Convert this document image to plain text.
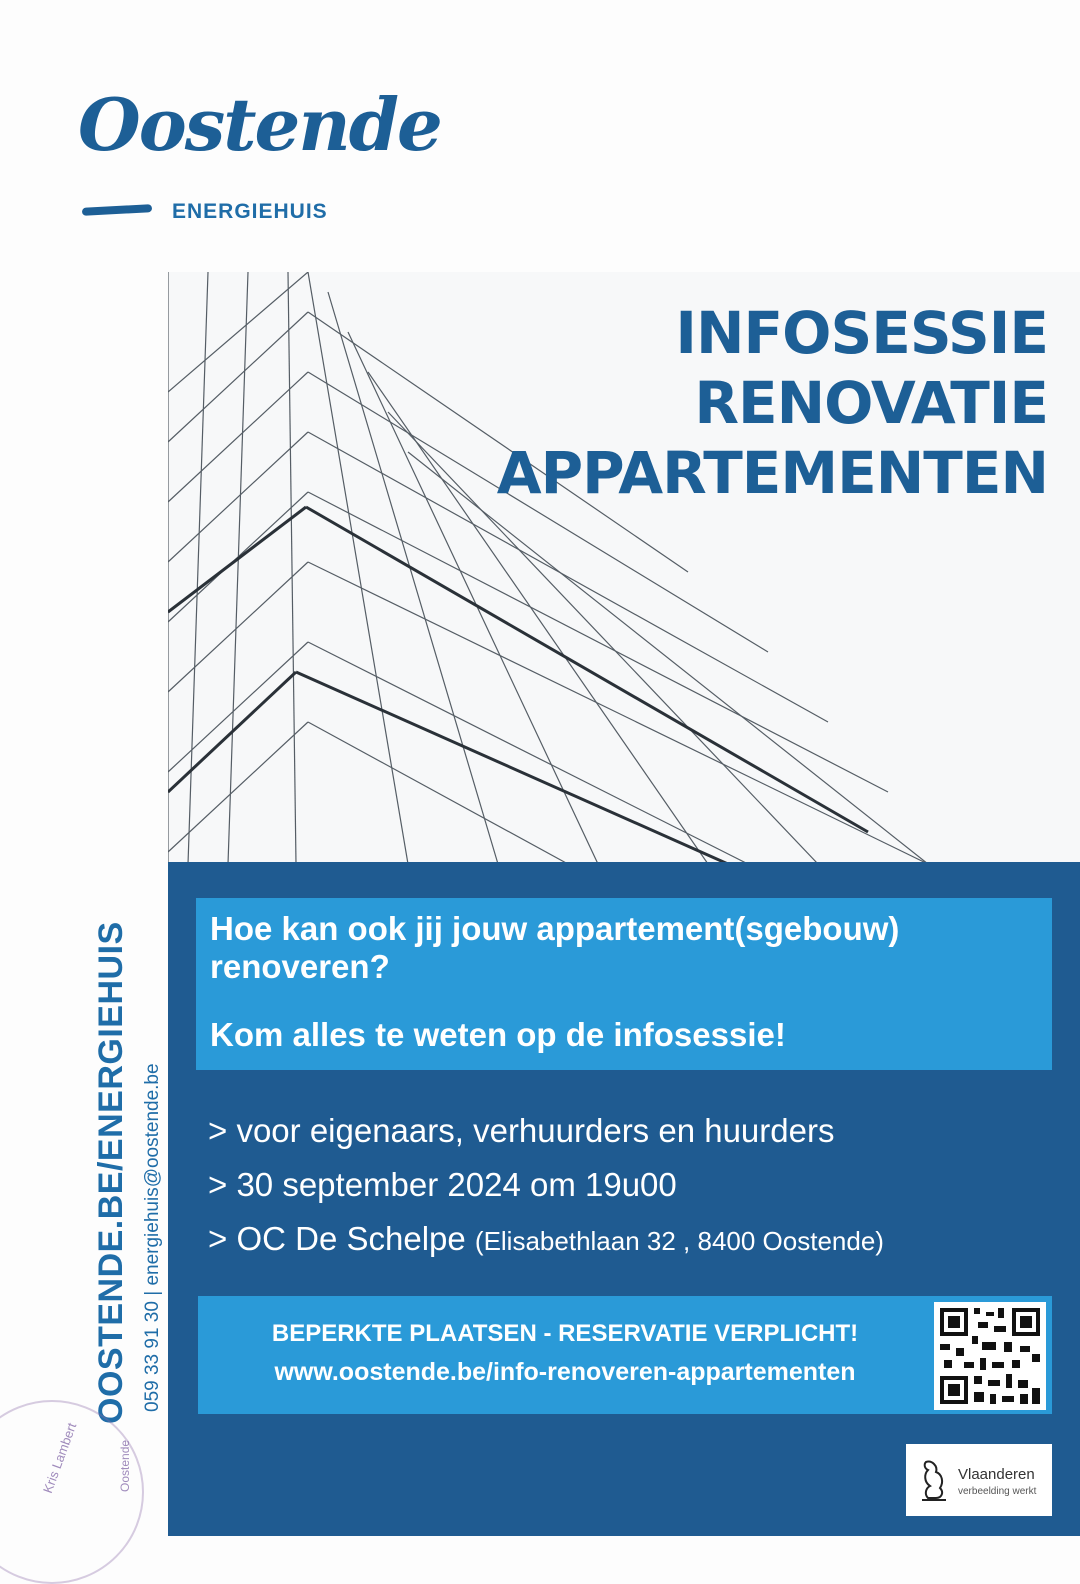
Oostende
ENERGIEHUIS
INFOSESSIE
RENOVATIE
APPARTEMENTEN
OOSTENDE.BE/ENERGIEHUIS 059 33 91 30 | energiehuis@oostende.be
Hoe kan ook jij jouw appartement(sgebouw) renoveren?
Kom alles te weten op de infosessie!
> voor eigenaars, verhuurders en huurders
> 30 september 2024 om 19u00
> OC De Schelpe (Elisabethlaan 32 , 8400 Oostende)
BEPERKTE PLAATSEN - RESERVATIE VERPLICHT!
www.oostende.be/info-renoveren-appartementen
Vlaanderen
verbeelding werkt
Kris Lambert	Oostende
